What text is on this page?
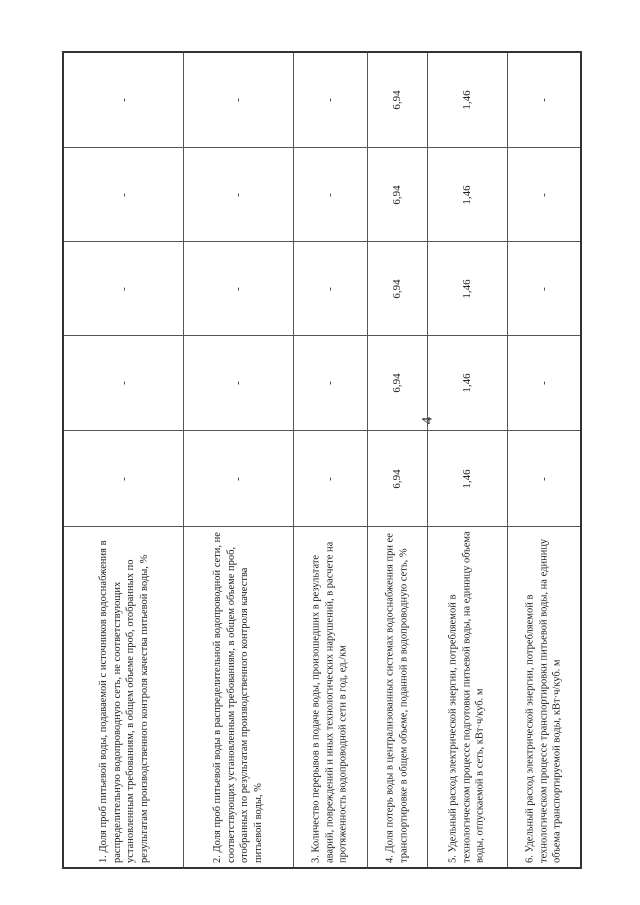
4
1. Доля проб питьевой воды, подаваемой с источников водоснабжения в распределительную водопроводную сеть, не соответствующих установленным требованиям, в общем объеме проб, отобранных по результатам производственного контроля качества питьевой воды, %
-
-
-
-
-
2. Доля проб питьевой воды в распределительной водопроводной сети, не соответствующих установленным требованиям, в общем объеме проб, отобранных по результатам производственного контроля качества питьевой воды, %
-
-
-
-
-
3. Количество перерывов в подаче воды, произошедших в результате аварий, повреждений и иных технологических нарушений, в расчете на протяженность водопроводной сети в год, ед./км
-
-
-
-
-
4. Доля потерь воды в централизованных системах водоснабжения при ее транспортировке в общем объеме, поданной в водопроводную сеть, %
6,94
6,94
6,94
6,94
6,94
5. Удельный расход электрической энергии, потребляемой в технологическом процессе подготовки питьевой воды, на единицу объема воды, отпускаемой в сеть, кВт·ч/куб. м
1,46
1,46
1,46
1,46
1,46
6. Удельный расход электрической энергии, потребляемой в технологическом процессе транспортировки питьевой воды, на единицу объема транспортируемой воды, кВт·ч/куб. м
-
-
-
-
-
